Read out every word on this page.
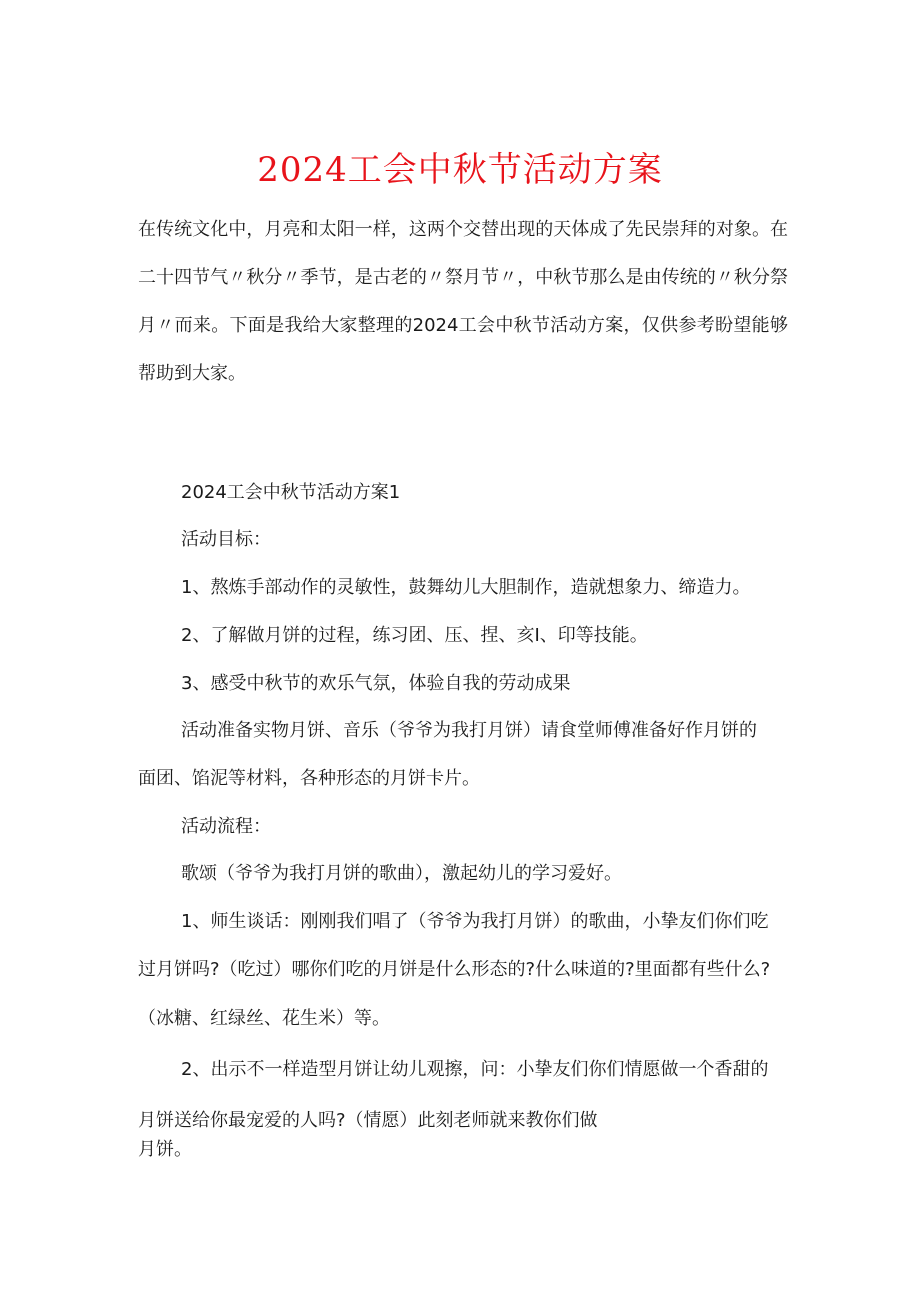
2024工会中秋节活动方案

在传统文化中，月亮和太阳一样，这两个交替出现的天体成了先民崇拜的对象。在二十四节气〃秋分〃季节，是古老的〃祭月节〃，中秋节那么是由传统的〃秋分祭月〃而来。下面是我给大家整理的2024工会中秋节活动方案，仅供参考盼望能够帮助到大家。

2024工会中秋节活动方案1
活动目标：
1、熬炼手部动作的灵敏性，鼓舞幼儿大胆制作，造就想象力、缔造力。
2、了解做月饼的过程，练习团、压、捏、亥I、印等技能。
3、感受中秋节的欢乐气氛，体验自我的劳动成果
活动准备实物月饼、音乐（爷爷为我打月饼）请食堂师傅准备好作月饼的
面团、馅泥等材料，各种形态的月饼卡片。
活动流程：
歌颂（爷爷为我打月饼的歌曲），激起幼儿的学习爱好。
1、师生谈话：刚刚我们唱了（爷爷为我打月饼）的歌曲，小挚友们你们吃
过月饼吗?（吃过）哪你们吃的月饼是什么形态的?什么味道的?里面都有些什么?
（冰糖、红绿丝、花生米）等。
2、出示不一样造型月饼让幼儿观擦，问：小挚友们你们情愿做一个香甜的
月饼送给你最宠爱的人吗?（情愿）此刻老师就来教你们做
月饼。
